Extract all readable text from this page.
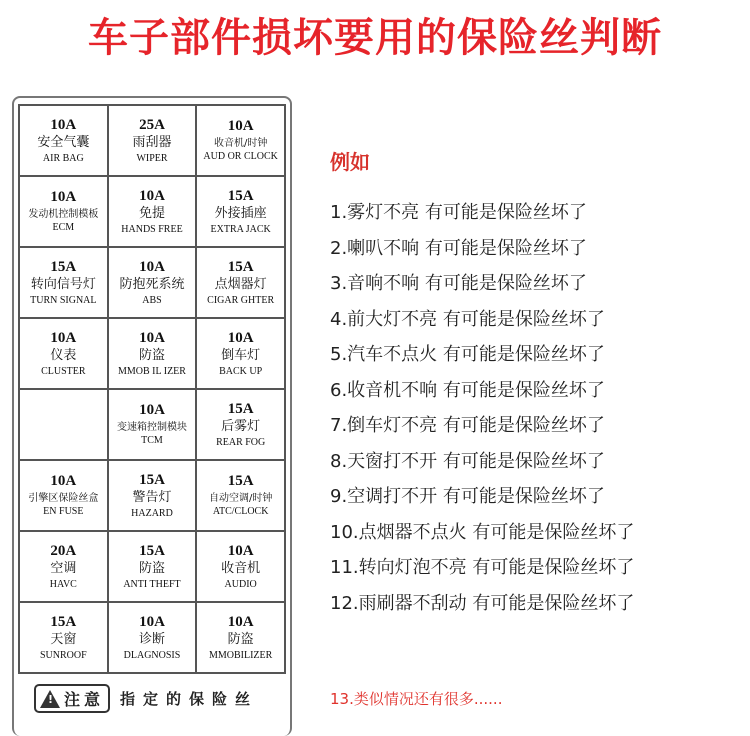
车子部件损坏要用的保险丝判断
10A
安全气囊
AIR BAG
25A
雨刮器
WIPER
10A
收音机/时钟
AUD OR CLOCK
10A
发动机控制模板
ECM
10A
免提
HANDS FREE
15A
外接插座
EXTRA JACK
15A
转向信号灯
TURN SIGNAL
10A
防抱死系统
ABS
15A
点烟器灯
CIGAR GHTER
10A
仪表
CLUSTER
10A
防盗
MMOB IL IZER
10A
倒车灯
BACK UP
10A
变速箱控制模块
TCM
15A
后雾灯
REAR FOG
10A
引擎区保险丝盒
EN FUSE
15A
警告灯
HAZARD
15A
自动空调/时钟
ATC/CLOCK
20A
空调
HAVC
15A
防盗
ANTI THEFT
10A
收音机
AUDIO
15A
天窗
SUNROOF
10A
诊断
DLAGNOSIS
10A
防盗
MMOBILIZER
! 注意 指定的保险丝
例如
1.雾灯不亮 有可能是保险丝坏了
2.喇叭不响 有可能是保险丝坏了
3.音响不响 有可能是保险丝坏了
4.前大灯不亮 有可能是保险丝坏了
5.汽车不点火 有可能是保险丝坏了
6.收音机不响 有可能是保险丝坏了
7.倒车灯不亮 有可能是保险丝坏了
8.天窗打不开 有可能是保险丝坏了
9.空调打不开 有可能是保险丝坏了
10.点烟器不点火 有可能是保险丝坏了
11.转向灯泡不亮 有可能是保险丝坏了
12.雨刷器不刮动 有可能是保险丝坏了
13.类似情况还有很多......
